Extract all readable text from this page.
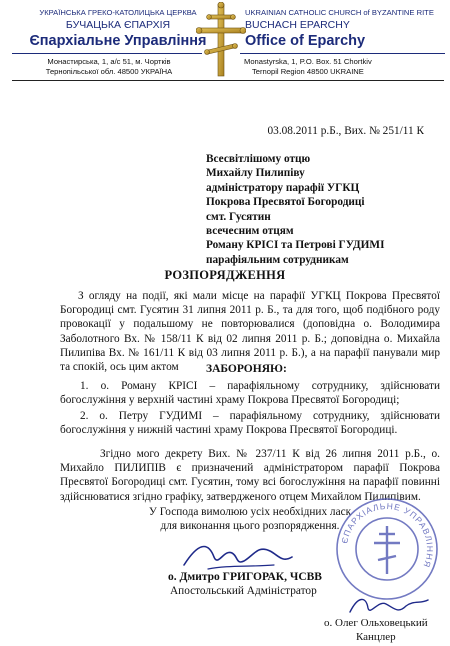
УКРАЇНСЬКА ГРЕКО-КАТОЛИЦЬКА ЦЕРКВА
БУЧАЦЬКА ЄПАРХІЯ
Єпархіальне Управління
Монастирська, 1, а/с 51, м. Чортків
Тернопільської обл. 48500 УКРАЇНА
UKRAINIAN CATHOLIC CHURCH of BYZANTINE RITE
BUCHACH EPARCHY
Office of Eparchy
Monastyrska, 1, P.O. Box. 51 Chortkiv
Ternopil Region 48500 UKRAINE
03.08.2011 р.Б., Вих. № 251/11 К
Всесвітлішому отцю
Михайлу Пилипіву
адміністратору парафії УГКЦ
Покрова Пресвятої Богородиці
смт. Гусятин
всечесним отцям
Роману КРІСІ та Петрові ГУДИМІ
парафіяльним сотрудникам
РОЗПОРЯДЖЕННЯ
З огляду на події, які мали місце на парафії УГКЦ Покрова Пресвятої Богородиці смт. Гусятин 31 липня 2011 р. Б., та для того, щоб подібного роду провокації у подальшому не повторювалися (доповідна о. Володимира Заболотного Вх. № 158/11 К від 02 липня 2011 р. Б.; доповідна о. Михайла Пилипіва Вх. № 161/11 К від 03 липня 2011 р. Б.), а на парафії панували мир та спокій, ось цим актом	ЗАБОРОНЯЮ:
1. о. Роману КРІСІ – парафіяльному сотруднику, здійснювати богослужіння у верхній частині храму Покрова Пресвятої Богородиці;
2. о. Петру ГУДИМІ – парафіяльному сотруднику, здійснювати богослужіння у нижній частині храму Покрова Пресвятої Богородиці.
Згідно мого декрету Вих. № 237/11 К від 26 липня 2011 р.Б., о. Михайло ПИЛИПІВ є призначений адміністратором парафії Покрова Пресвятої Богородиці смт. Гусятин, тому всі богослужіння на парафії повинні здійснюватися згідно графіку, затвердженого отцем Михайлом Пилипівим.
У Господа вимолюю усіх необхідних ласк
для виконання цього розпорядження.
ЄПАРХІАЛЬНЕ УПРАВЛІННЯ
о. Дмитро ГРИГОРАК, ЧСВВ
Апостольський Адміністратор
о. Олег Ольховецький
Канцлер
